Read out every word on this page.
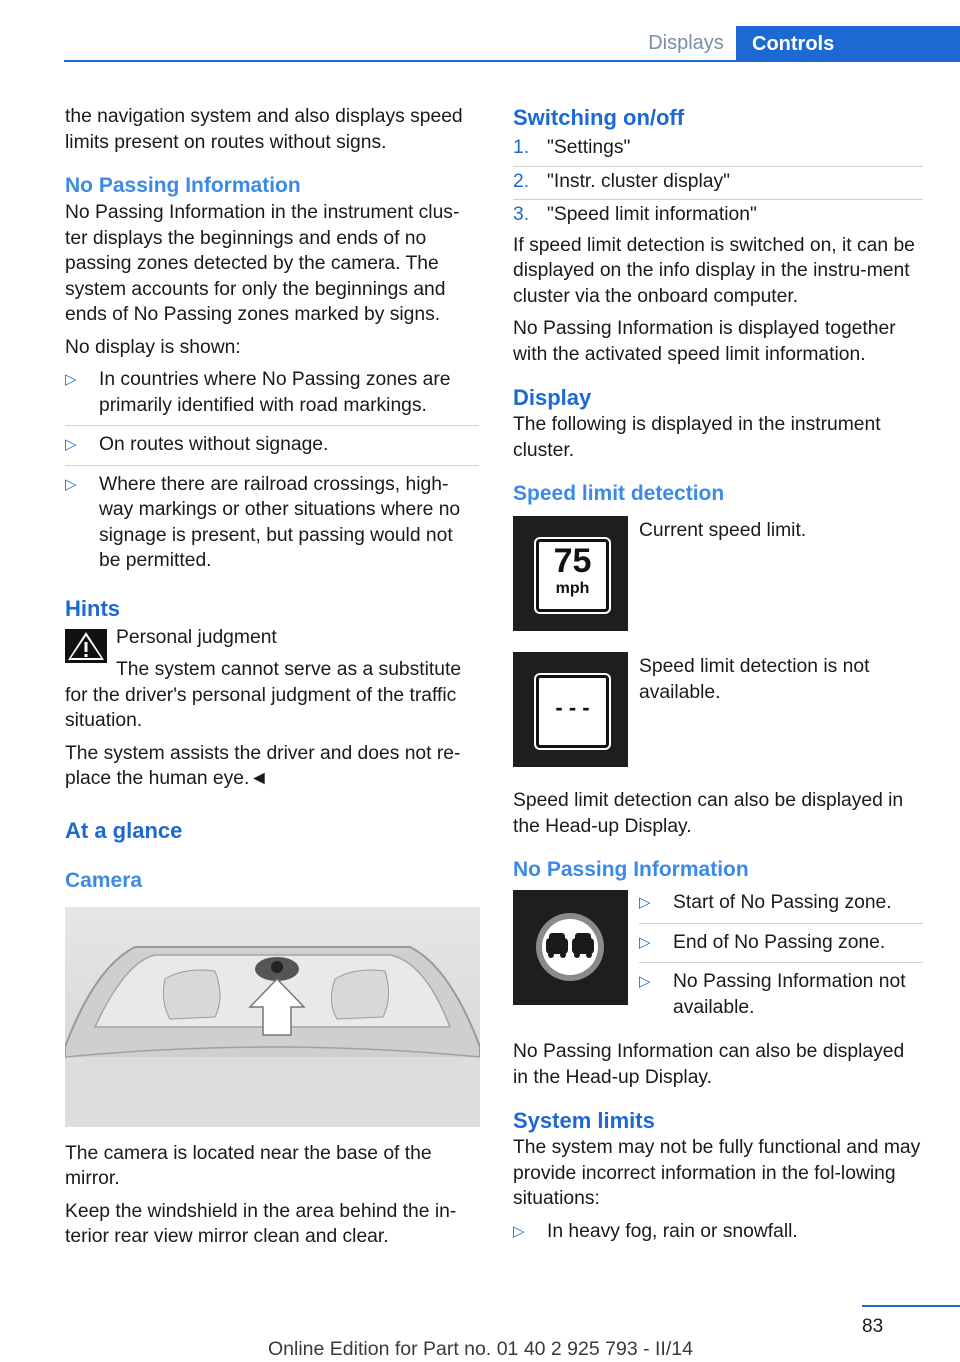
Displays	Controls

the navigation system and also displays speed limits present on routes without signs.

No Passing Information

No Passing Information in the instrument clus-ter displays the beginnings and ends of no passing zones detected by the camera. The system accounts for only the beginnings and ends of No Passing zones marked by signs.

No display is shown:

▷ In countries where No Passing zones are primarily identified with road markings.
▷ On routes without signage.
▷ Where there are railroad crossings, high-way markings or other situations where no signage is present, but passing would not be permitted.
Hints
Personal judgment
The system cannot serve as a substitute for the driver's personal judgment of the traffic situation.

The system assists the driver and does not re-place the human eye.◄

At a glance
Camera

The camera is located near the base of the mirror.

Keep the windshield in the area behind the in-terior rear view mirror clean and clear.

Switching on/off
1. "Settings"
2. "Instr. cluster display"
3. "Speed limit information"

If speed limit detection is switched on, it can be displayed on the info display in the instru-ment cluster via the onboard computer.

No Passing Information is displayed together with the activated speed limit information.

Display

The following is displayed in the instrument cluster.

Speed limit detection
75
mph
Current speed limit.
- - -
Speed limit detection is not available.

Speed limit detection can also be displayed in the Head-up Display.

No Passing Information
▷ Start of No Passing zone.
▷ End of No Passing zone.
▷ No Passing Information not available.

No Passing Information can also be displayed in the Head-up Display.

System limits

The system may not be fully functional and may provide incorrect information in the fol-lowing situations:

▷ In heavy fog, rain or snowfall.
83
Online Edition for Part no. 01 40 2 925 793 - II/14
